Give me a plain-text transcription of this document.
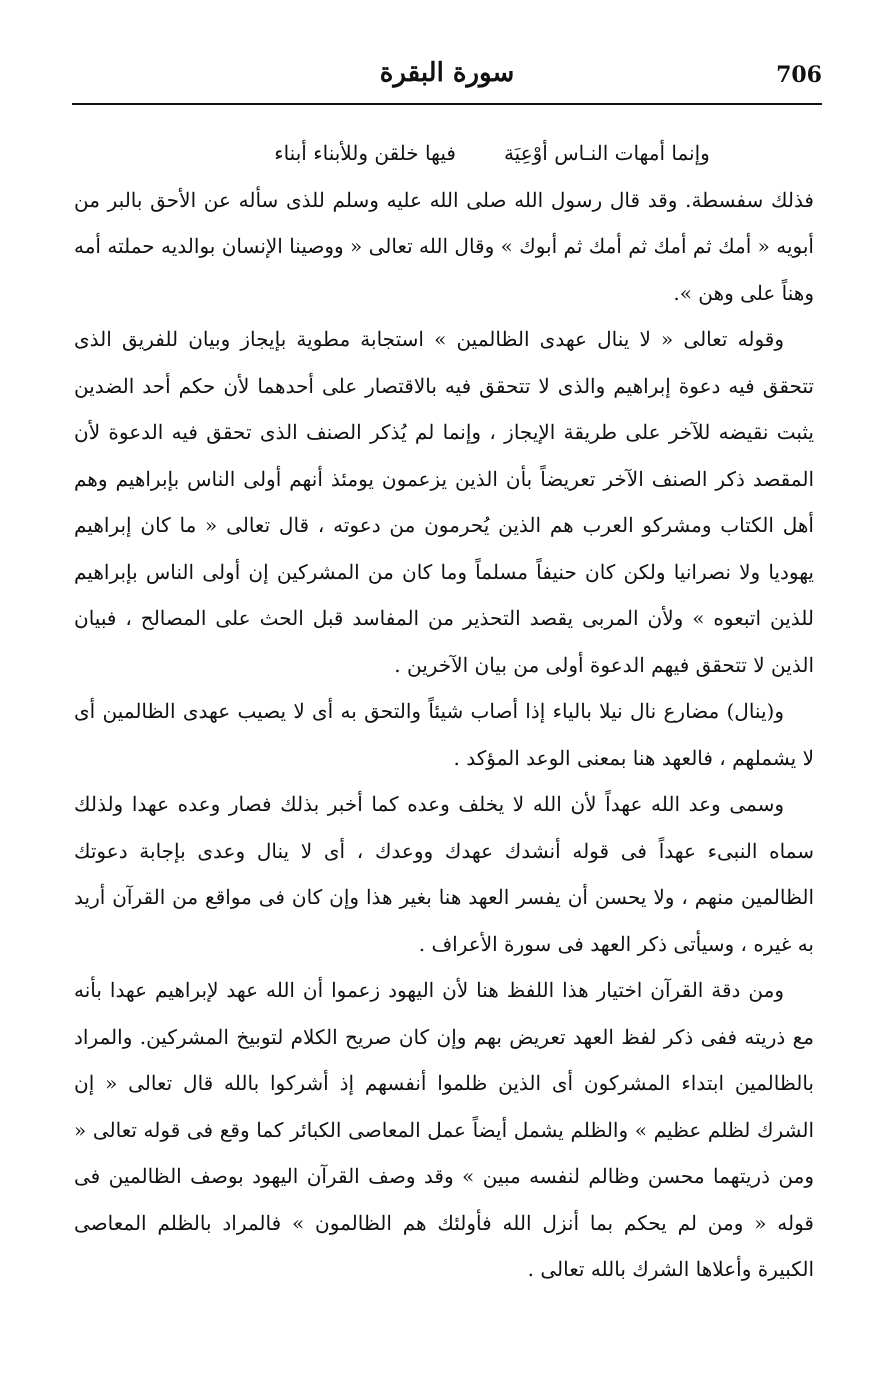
706
سورة البقرة
وإنما أمهات النـاس أوْعِيَة
فيها خلقن وللأبناء أبناء

فذلك سفسطة. وقد قال رسول الله صلى الله عليه وسلم للذى سأله عن الأحق بالبر من أبويه « أمك ثم أمك ثم أمك ثم أبوك » وقال الله تعالى « ووصينا الإنسان بوالديه حملته أمه وهناً على وهن ».

وقوله تعالى « لا ينال عهدى الظالمين » استجابة مطوية بإيجاز وبيان للفريق الذى تتحقق فيه دعوة إبراهيم والذى لا تتحقق فيه بالاقتصار على أحدهما لأن حكم أحد الضدين يثبت نقيضه للآخر على طريقة الإيجاز ، وإنما لم يُذكر الصنف الذى تحقق فيه الدعوة لأن المقصد ذكر الصنف الآخر تعريضاً بأن الذين يزعمون يومئذ أنهم أولى الناس بإبراهيم وهم أهل الكتاب ومشركو العرب هم الذين يُحرمون من دعوته ، قال تعالى « ما كان إبراهيم يهوديا ولا نصرانيا ولكن كان حنيفاً مسلماً وما كان من المشركين إن أولى الناس بإبراهيم للذين اتبعوه » ولأن المربى يقصد التحذير من المفاسد قبل الحث على المصالح ، فبيان الذين لا تتحقق فيهم الدعوة أولى من بيان الآخرين .

و(ينال) مضارع نال نيلا بالياء إذا أصاب شيئاً والتحق به أى لا يصيب عهدى الظالمين أى لا يشملهم ، فالعهد هنا بمعنى الوعد المؤكد .

وسمى وعد الله عهداً لأن الله لا يخلف وعده كما أخبر بذلك فصار وعده عهدا ولذلك سماه النبىء عهداً فى قوله أنشدك عهدك ووعدك ، أى لا ينال وعدى بإجابة دعوتك الظالمين منهم ، ولا يحسن أن يفسر العهد هنا بغير هذا وإن كان فى مواقع من القرآن أريد به غيره ، وسيأتى ذكر العهد فى سورة الأعراف .

ومن دقة القرآن اختيار هذا اللفظ هنا لأن اليهود زعموا أن الله عهد لإبراهيم عهدا بأنه مع ذريته ففى ذكر لفظ العهد تعريض بهم وإن كان صريح الكلام لتوبيخ المشركين. والمراد بالظالمين ابتداء المشركون أى الذين ظلموا أنفسهم إذ أشركوا بالله قال تعالى « إن الشرك لظلم عظيم » والظلم يشمل أيضاً عمل المعاصى الكبائر كما وقع فى قوله تعالى « ومن ذريتهما محسن وظالم لنفسه مبين » وقد وصف القرآن اليهود بوصف الظالمين فى قوله « ومن لم يحكم بما أنزل الله فأولئك هم الظالمون » فالمراد بالظلم المعاصى الكبيرة وأعلاها الشرك بالله تعالى .
